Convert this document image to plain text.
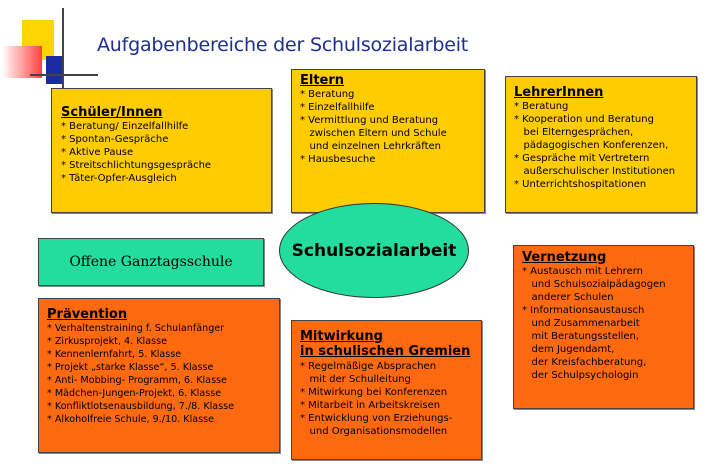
Aufgabenbereiche der Schulsozialarbeit
Schüler/Innen
* Beratung/ Einzelfallhilfe
* Spontan-Gespräche
* Aktive Pause
* Streitschlichtungsgespräche
* Täter-Opfer-Ausgleich
Eltern
* Beratung
* Einzelfallhilfe
* Vermittlung und Beratung
zwischen Eltern und Schule
und einzelnen Lehrkräften
* Hausbesuche
LehrerInnen
* Beratung
* Kooperation und Beratung
bei Elterngesprächen,
pädagogischen Konferenzen,
* Gespräche mit Vertretern
außerschulischer Institutionen
* Unterrichtshospitationen
Offene Ganztagsschule
Schulsozialarbeit	Vernetzung
* Austausch mit Lehrern
und Schulsozialpädagogen
anderer Schulen
* Informationsaustausch
und Zusammenarbeit
mit Beratungsstellen,
dem Jugendamt,
der Kreisfachberatung,
der Schulpsychologin
Prävention
* Verhaltenstraining f. Schulanfänger
* Zirkusprojekt, 4. Klasse
* Kennenlernfahrt, 5. Klasse
* Projekt „starke Klasse“, 5. Klasse
* Anti- Mobbing- Programm, 6. Klasse
* Mädchen-Jungen-Projekt, 6. Klasse
* Konfliktlotsenausbildung, 7./8. Klasse
* Alkoholfreie Schule, 9./10. Klasse
Mitwirkung
in schulischen Gremien
* Regelmäßige Absprachen
mit der Schulleitung
* Mitwirkung bei Konferenzen
* Mitarbeit in Arbeitskreisen
* Entwicklung von Erziehungs-
und Organisationsmodellen
